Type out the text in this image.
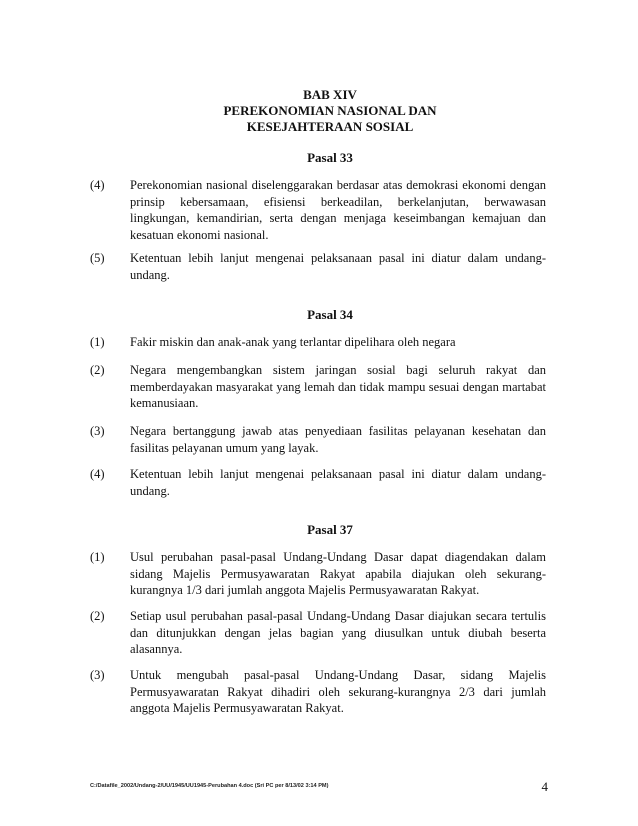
BAB XIV
PEREKONOMIAN NASIONAL DAN
KESEJAHTERAAN SOSIAL
Pasal 33
(4)	Perekonomian nasional diselenggarakan berdasar atas demokrasi ekonomi dengan prinsip kebersamaan, efisiensi berkeadilan, berkelanjutan, berwawasan lingkungan, kemandirian, serta dengan menjaga keseimbangan kemajuan dan kesatuan ekonomi nasional.
(5)	Ketentuan lebih lanjut mengenai pelaksanaan pasal ini diatur dalam undang-undang.
Pasal 34
(1)	Fakir miskin dan anak-anak yang terlantar dipelihara oleh negara
(2)	Negara mengembangkan sistem jaringan sosial bagi seluruh rakyat dan memberdayakan masyarakat yang lemah dan tidak mampu sesuai dengan martabat kemanusiaan.
(3)	Negara bertanggung jawab atas penyediaan fasilitas pelayanan kesehatan dan fasilitas pelayanan umum yang layak.
(4)	Ketentuan lebih lanjut mengenai pelaksanaan pasal ini diatur dalam undang-undang.
Pasal 37
(1)	Usul perubahan pasal-pasal Undang-Undang Dasar dapat diagendakan dalam sidang Majelis Permusyawaratan Rakyat apabila diajukan oleh sekurang-kurangnya 1/3 dari jumlah anggota Majelis Permusyawaratan Rakyat.
(2)	Setiap usul perubahan pasal-pasal Undang-Undang Dasar diajukan secara tertulis dan ditunjukkan dengan jelas bagian yang diusulkan untuk diubah beserta alasannya.
(3)	Untuk mengubah pasal-pasal Undang-Undang Dasar, sidang Majelis Permusyawaratan Rakyat dihadiri oleh sekurang-kurangnya 2/3 dari jumlah anggota Majelis Permusyawaratan Rakyat.
C:/Datafile_2002/Undang-2/UU/1945/UU1945-Perubahan 4.doc (Sri PC per 8/13/02 3:14 PM)	4
